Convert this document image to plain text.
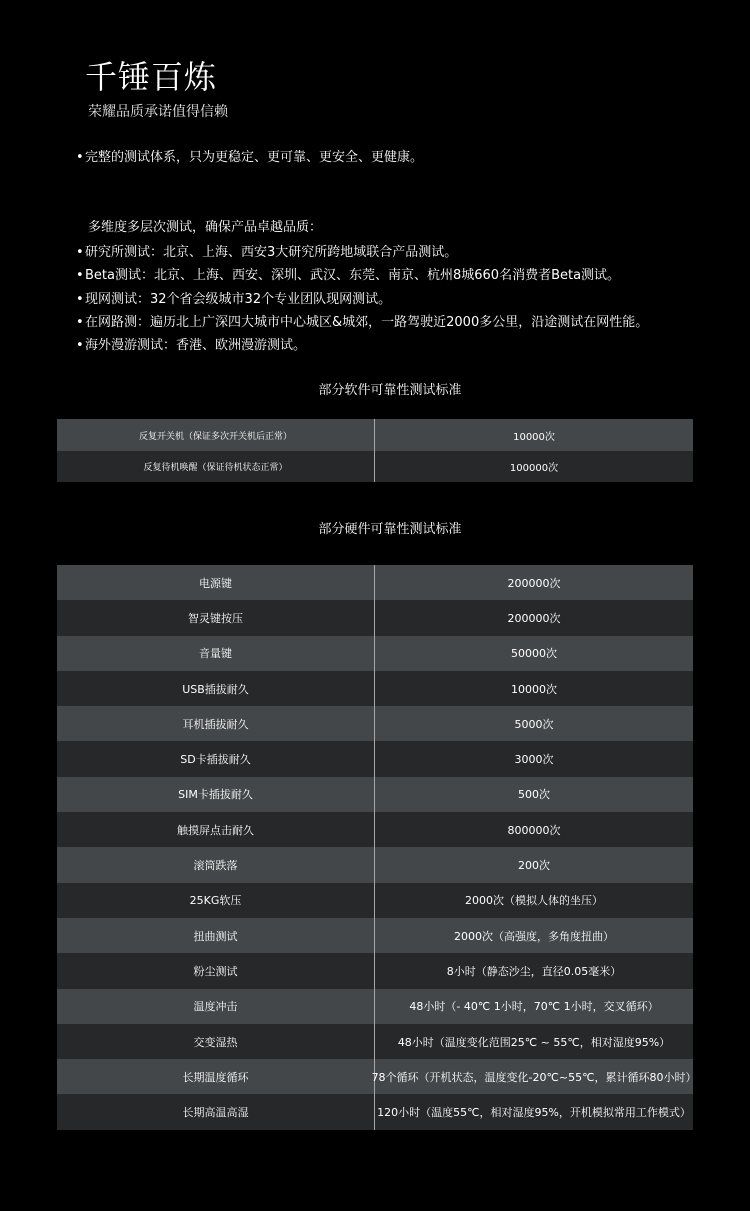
千锤百炼
荣耀品质承诺值得信赖
•完整的测试体系，只为更稳定、更可靠、更安全、更健康。
多维度多层次测试，确保产品卓越品质：
•研究所测试：北京、上海、西安3大研究所跨地域联合产品测试。
•Beta测试：北京、上海、西安、深圳、武汉、东莞、南京、杭州8城660名消费者Beta测试。
•现网测试：32个省会级城市32个专业团队现网测试。
•在网路测：遍历北上广深四大城市中心城区&城郊，一路驾驶近2000多公里，沿途测试在网性能。
•海外漫游测试：香港、欧洲漫游测试。
部分软件可靠性测试标准
反复开关机（保证多次开关机后正常）	10000次
反复待机唤醒（保证待机状态正常）	100000次
部分硬件可靠性测试标准
电源键	200000次
智灵键按压	200000次
音量键	50000次
USB插拔耐久	10000次
耳机插拔耐久	5000次
SD卡插拔耐久	3000次
SIM卡插拔耐久	500次
触摸屏点击耐久	800000次
滚筒跌落	200次
25KG软压	2000次（模拟人体的坐压）
扭曲测试	2000次（高强度，多角度扭曲）
粉尘测试	8小时（静态沙尘，直径0.05毫米）
温度冲击	48小时（- 40℃ 1小时，70℃ 1小时，交叉循环）
交变湿热	48小时（温度变化范围25℃ ~ 55℃，相对湿度95%）
长期温度循环	78个循环（开机状态，温度变化-20℃~55℃，累计循环80小时）
长期高温高湿	120小时（温度55℃，相对湿度95%，开机模拟常用工作模式）
